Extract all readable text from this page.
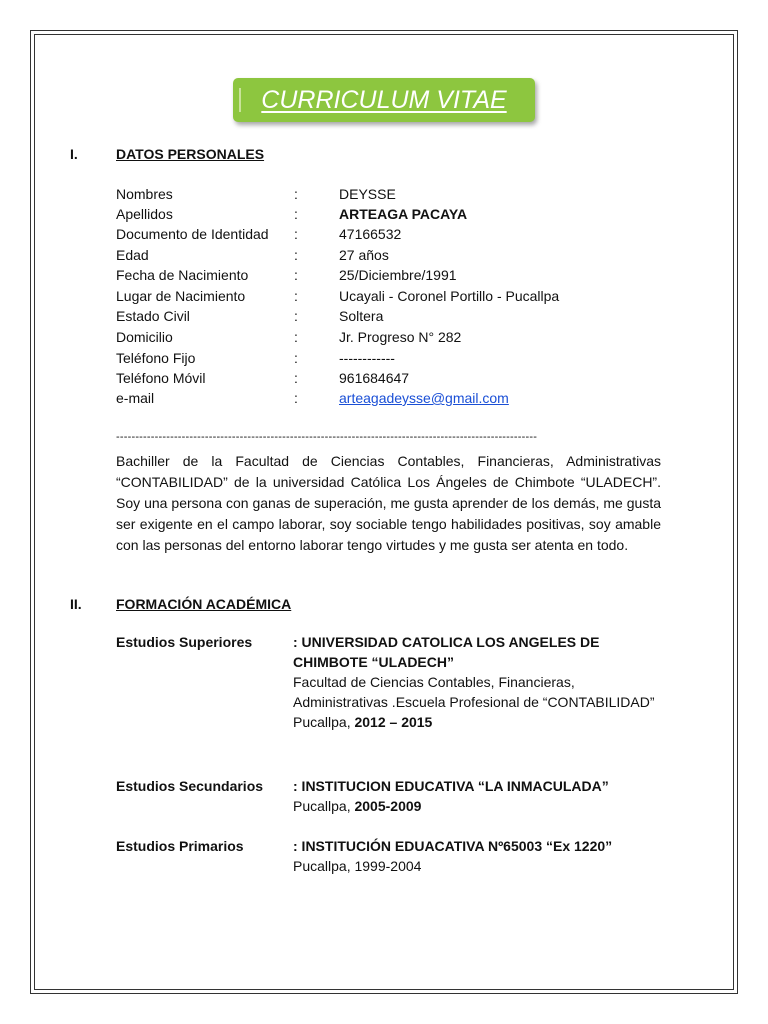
CURRICULUM VITAE
I.	DATOS PERSONALES
Nombres	:	DEYSSE
Apellidos	:	ARTEAGA PACAYA
Documento de Identidad :	47166532
Edad	:	27 años
Fecha de Nacimiento	:	25/Diciembre/1991
Lugar de Nacimiento	:	Ucayali - Coronel Portillo - Pucallpa
Estado Civil	:	Soltera
Domicilio	:	Jr. Progreso N° 282
Teléfono Fijo	:	------------
Teléfono Móvil	:	961684647
e-mail	:	arteagadeysse@gmail.com
-------------------------------------------------------------------------------------------------------------
Bachiller de la Facultad de Ciencias Contables, Financieras, Administrativas “CONTABILIDAD” de la universidad Católica Los Ángeles de Chimbote “ULADECH”. Soy una persona con ganas de superación, me gusta aprender de los demás, me gusta ser exigente en el campo laborar, soy sociable tengo habilidades positivas, soy amable con las personas del entorno laborar tengo virtudes y me gusta ser atenta en todo.
II. FORMACIÓN ACADÉMICA
Estudios Superiores	: UNIVERSIDAD CATOLICA LOS ANGELES DE CHIMBOTE “ULADECH”
Facultad de Ciencias Contables, Financieras, Administrativas .Escuela Profesional de “CONTABILIDAD”
Pucallpa, 2012 – 2015
Estudios Secundarios : INSTITUCION EDUCATIVA “LA INMACULADA”
Pucallpa, 2005-2009
Estudios Primarios	: INSTITUCIÓN EDUACATIVA Nº65003 “Ex 1220”
Pucallpa, 1999-2004
